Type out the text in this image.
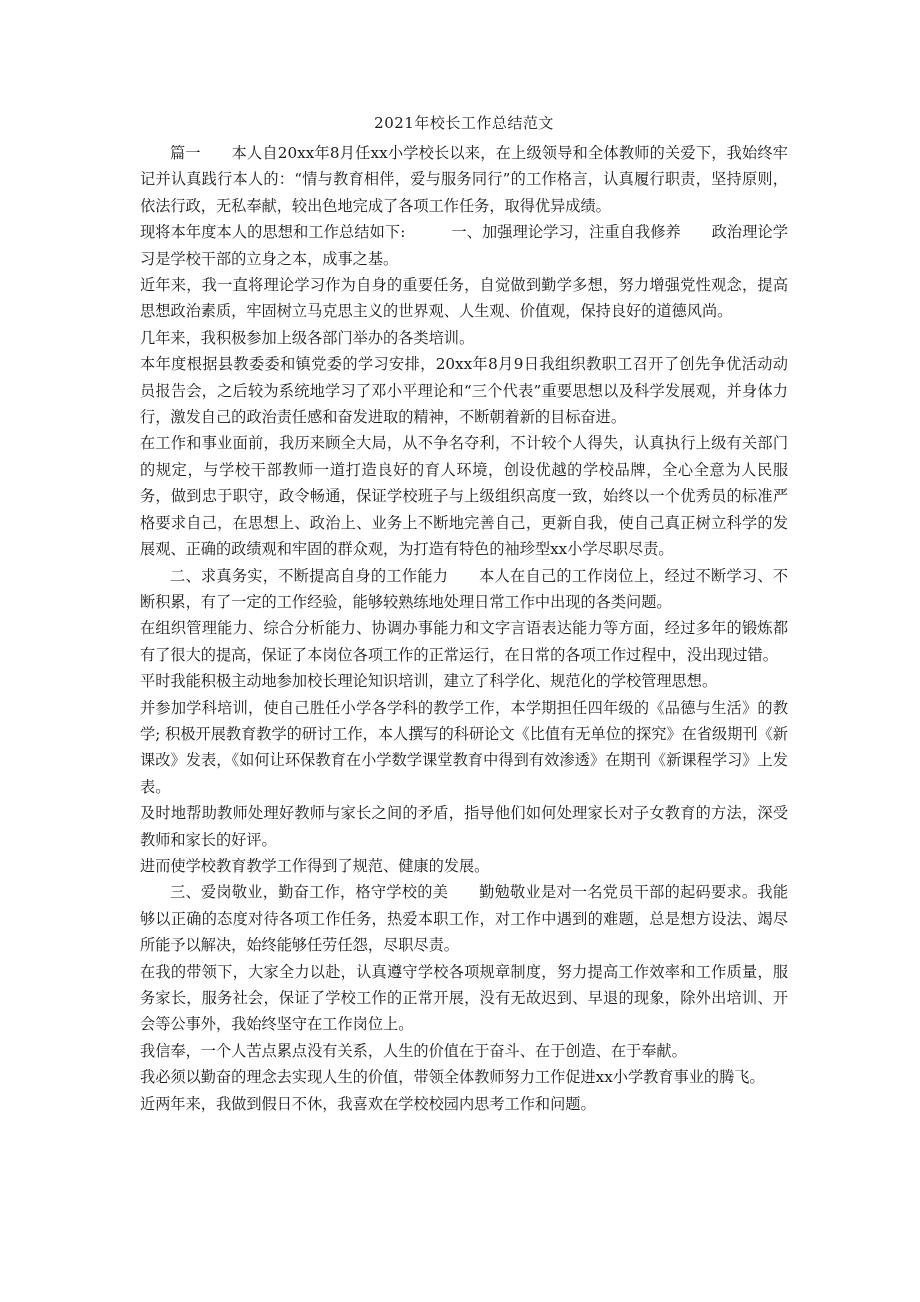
2021年校长工作总结范文

篇一　　本人自20xx年8月任xx小学校长以来，在上级领导和全体教师的关爱下，我始终牢记并认真践行本人的：“情与教育相伴，爱与服务同行”的工作格言，认真履行职责，坚持原则，依法行政，无私奉献，较出色地完成了各项工作任务，取得优异成绩。

现将本年度本人的思想和工作总结如下:　　　一、加强理论学习，注重自我修养　　政治理论学习是学校干部的立身之本，成事之基。

近年来，我一直将理论学习作为自身的重要任务，自觉做到勤学多想，努力增强党性观念，提高思想政治素质，牢固树立马克思主义的世界观、人生观、价值观，保持良好的道德风尚。

几年来，我积极参加上级各部门举办的各类培训。

本年度根据县教委委和镇党委的学习安排，20xx年8月9日我组织教职工召开了创先争优活动动员报告会，之后较为系统地学习了邓小平理论和“三个代表”重要思想以及科学发展观，并身体力行，激发自己的政治责任感和奋发进取的精神，不断朝着新的目标奋进。

在工作和事业面前，我历来顾全大局，从不争名夺利，不计较个人得失，认真执行上级有关部门的规定，与学校干部教师一道打造良好的育人环境，创设优越的学校品牌，全心全意为人民服务，做到忠于职守，政令畅通，保证学校班子与上级组织高度一致，始终以一个优秀员的标准严格要求自己，在思想上、政治上、业务上不断地完善自己，更新自我，使自己真正树立科学的发展观、正确的政绩观和牢固的群众观，为打造有特色的袖珍型xx小学尽职尽责。

二、求真务实，不断提高自身的工作能力　　本人在自己的工作岗位上，经过不断学习、不断积累，有了一定的工作经验，能够较熟练地处理日常工作中出现的各类问题。

在组织管理能力、综合分析能力、协调办事能力和文字言语表达能力等方面，经过多年的锻炼都有了很大的提高，保证了本岗位各项工作的正常运行，在日常的各项工作过程中，没出现过错。

平时我能积极主动地参加校长理论知识培训，建立了科学化、规范化的学校管理思想。

并参加学科培训，使自己胜任小学各学科的教学工作，本学期担任四年级的《品德与生活》的教学; 积极开展教育教学的研讨工作，本人撰写的科研论文《比值有无单位的探究》在省级期刊《新课改》发表，《如何让环保教育在小学数学课堂教育中得到有效渗透》在期刊《新课程学习》上发表。

及时地帮助教师处理好教师与家长之间的矛盾，指导他们如何处理家长对子女教育的方法，深受教师和家长的好评。

进而使学校教育教学工作得到了规范、健康的发展。

三、爱岗敬业，勤奋工作，格守学校的美　　勤勉敬业是对一名党员干部的起码要求。我能够以正确的态度对待各项工作任务，热爱本职工作，对工作中遇到的难题，总是想方设法、竭尽所能予以解决，始终能够任劳任怨，尽职尽责。

在我的带领下，大家全力以赴，认真遵守学校各项规章制度，努力提高工作效率和工作质量，服务家长，服务社会，保证了学校工作的正常开展，没有无故迟到、早退的现象，除外出培训、开会等公事外，我始终坚守在工作岗位上。

我信奉，一个人苦点累点没有关系，人生的价值在于奋斗、在于创造、在于奉献。

我必须以勤奋的理念去实现人生的价值，带领全体教师努力工作促进xx小学教育事业的腾飞。

近两年来，我做到假日不休，我喜欢在学校校园内思考工作和问题。
